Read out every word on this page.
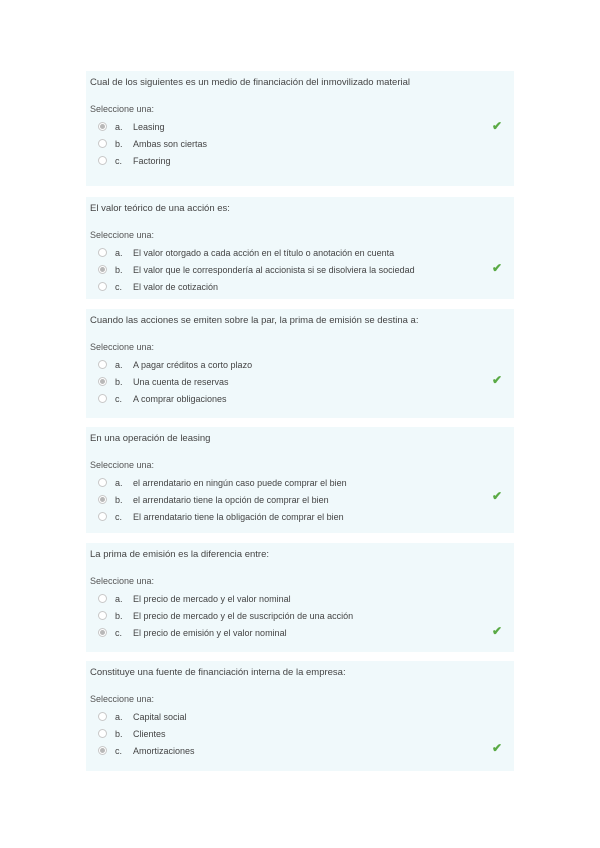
Cual de los siguientes es un medio de financiación del inmovilizado material
Seleccione una:
a.	Leasing
b.	Ambas son ciertas
c.	Factoring
✔
El valor teórico de una acción es:
Seleccione una:
a.	El valor otorgado a cada acción en el título o anotación en cuenta
b.	El valor que le correspondería al accionista si se disolviera la sociedad
c.	El valor de cotización
✔
Cuando las acciones se emiten sobre la par, la prima de emisión se destina a:
Seleccione una:
a.	A pagar créditos a corto plazo
b.	Una cuenta de reservas
c.	A comprar obligaciones
✔
En una operación de leasing
Seleccione una:
a.	el arrendatario en ningún caso puede comprar el bien
b.	el arrendatario tiene la opción de comprar el bien
c.	El arrendatario tiene la obligación de comprar el bien
✔
La prima de emisión es la diferencia entre:
Seleccione una:
a.	El precio de mercado y el valor nominal
b.	El precio de mercado y el de suscripción de una acción
c.	El precio de emisión y el valor nominal	✔
Constituye una fuente de financiación interna de la empresa:
Seleccione una:
a.	Capital social
b.	Clientes
c.	Amortizaciones	✔
